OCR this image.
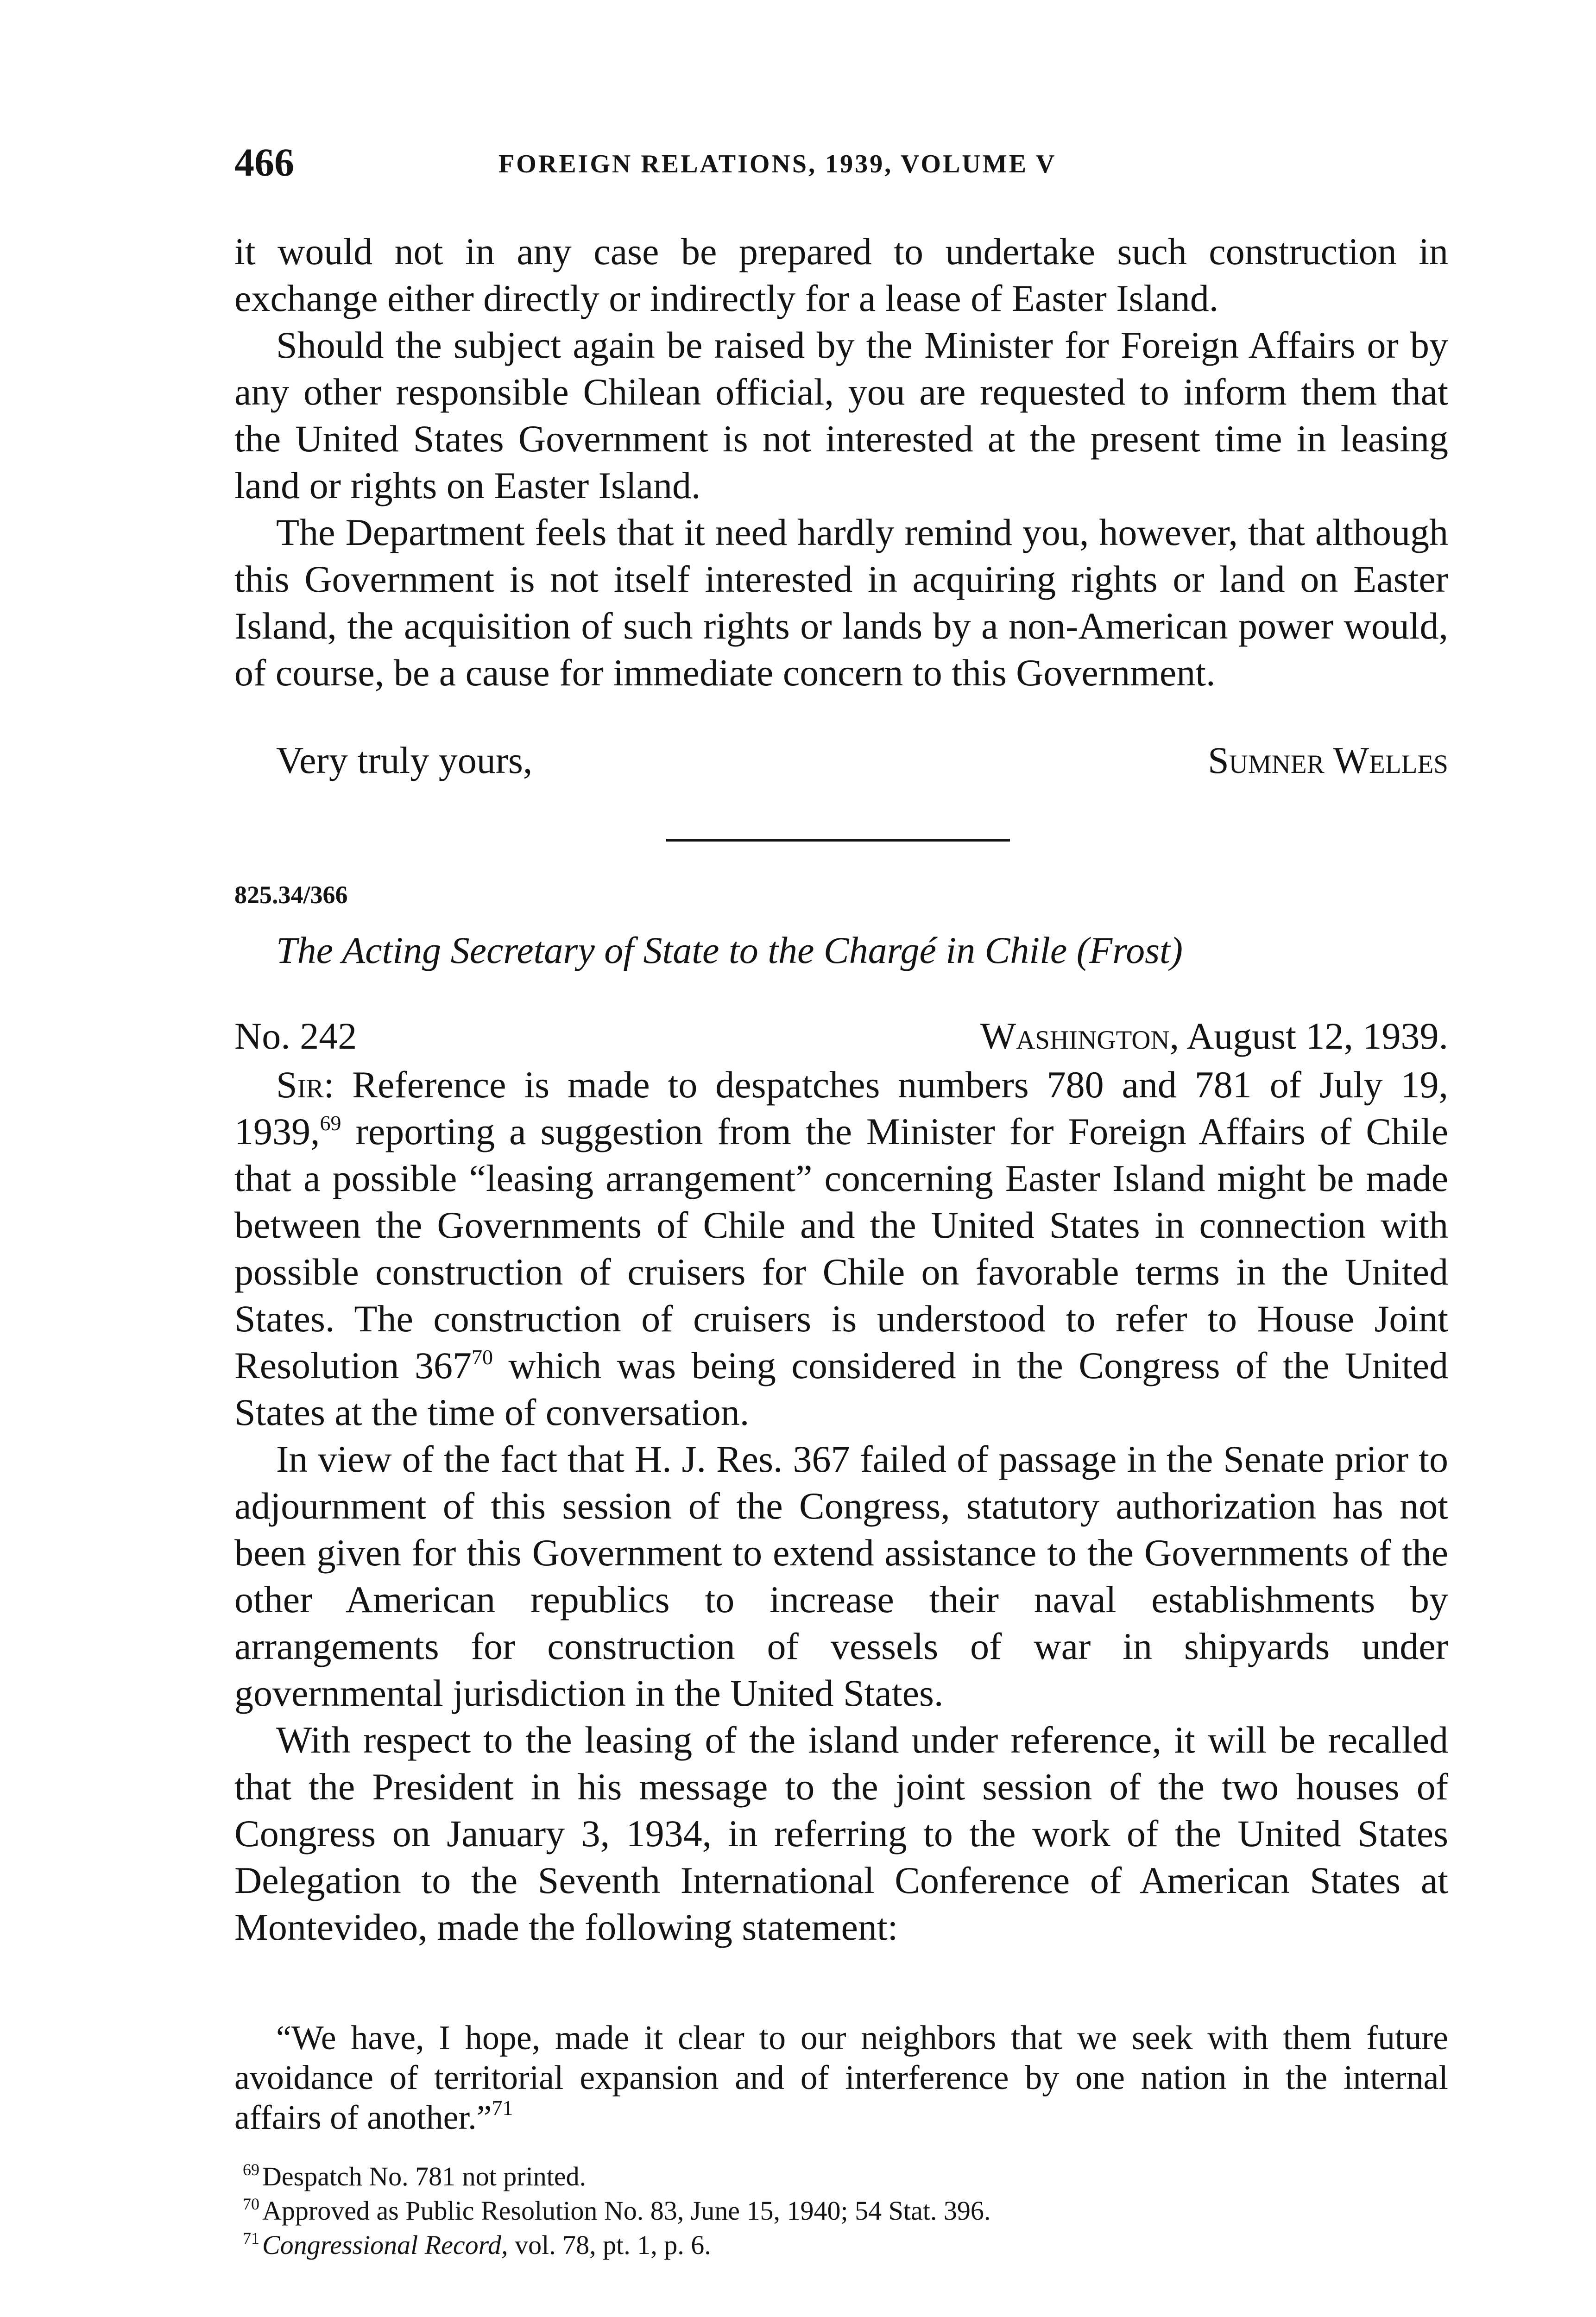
466	FOREIGN RELATIONS, 1939, VOLUME V

it would not in any case be prepared to undertake such construction in exchange either directly or indirectly for a lease of Easter Island.

Should the subject again be raised by the Minister for Foreign Affairs or by any other responsible Chilean official, you are requested to inform them that the United States Government is not interested at the present time in leasing land or rights on Easter Island.

The Department feels that it need hardly remind you, however, that although this Government is not itself interested in acquiring rights or land on Easter Island, the acquisition of such rights or lands by a non-American power would, of course, be a cause for immediate concern to this Government.

Very truly yours,	Sumner Welles
825.34/366
The Acting Secretary of State to the Chargé in Chile (Frost)
No. 242	Washington, August 12, 1939.

Sir: Reference is made to despatches numbers 780 and 781 of July 19, 1939,69 reporting a suggestion from the Minister for Foreign Affairs of Chile that a possible “leasing arrangement” concerning Easter Island might be made between the Governments of Chile and the United States in connection with possible construction of cruisers for Chile on favorable terms in the United States. The construction of cruisers is understood to refer to House Joint Resolution $367^{70}$ which was being considered in the Congress of the United States at the time of conversation.

In view of the fact that H. J. Res. 367 failed of passage in the Senate prior to adjournment of this session of the Congress, statutory authorization has not been given for this Government to extend assistance to the Governments of the other American republics to increase their naval establishments by arrangements for construction of vessels of war in shipyards under governmental jurisdiction in the United States.

With respect to the leasing of the island under reference, it will be recalled that the President in his message to the joint session of the two houses of Congress on January 3, 1934, in referring to the work of the United States Delegation to the Seventh International Conference of American States at Montevideo, made the following statement:

“We have, I hope, made it clear to our neighbors that we seek with them future avoidance of territorial expansion and of interference by one nation in the internal affairs of another.”$^{71}$
69 Despatch No. 781 not printed.
70 Approved as Public Resolution No. 83, June 15, 1940; 54 Stat. 396.
71 Congressional Record, vol. 78, pt. 1, p. 6.
